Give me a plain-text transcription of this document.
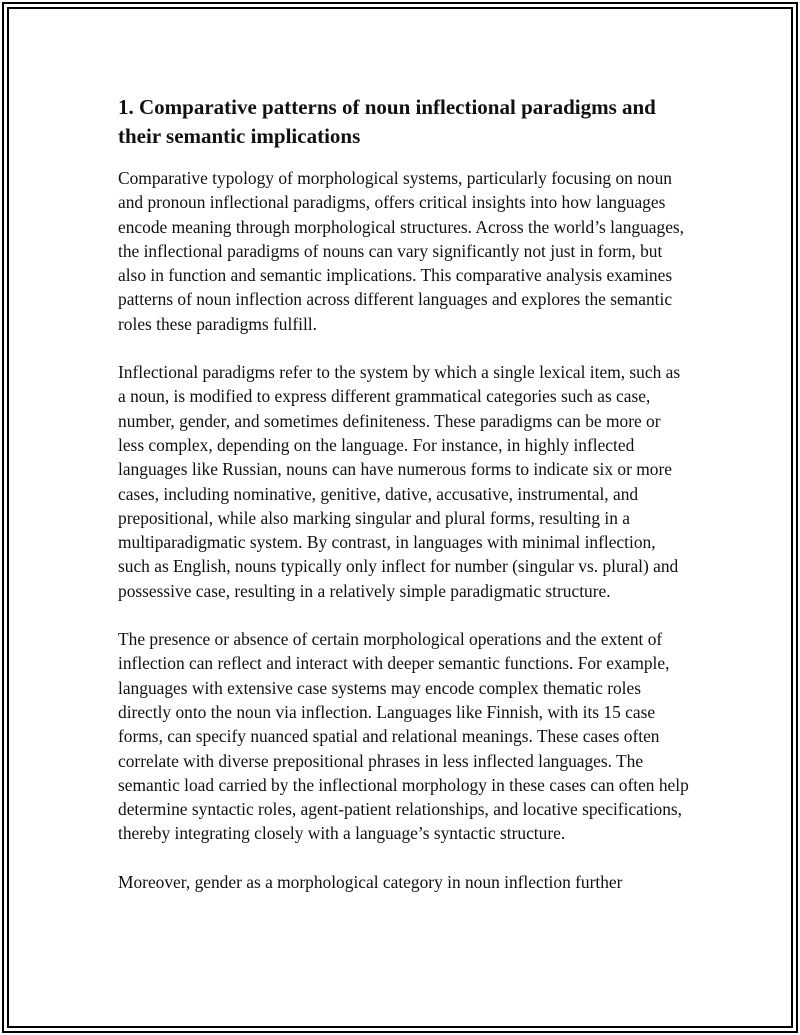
1. Comparative patterns of noun inflectional paradigms and their semantic implications

Comparative typology of morphological systems, particularly focusing on noun and pronoun inflectional paradigms, offers critical insights into how languages encode meaning through morphological structures. Across the world’s languages, the inflectional paradigms of nouns can vary significantly not just in form, but also in function and semantic implications. This comparative analysis examines patterns of noun inflection across different languages and explores the semantic roles these paradigms fulfill.

Inflectional paradigms refer to the system by which a single lexical item, such as a noun, is modified to express different grammatical categories such as case, number, gender, and sometimes definiteness. These paradigms can be more or less complex, depending on the language. For instance, in highly inflected languages like Russian, nouns can have numerous forms to indicate six or more cases, including nominative, genitive, dative, accusative, instrumental, and prepositional, while also marking singular and plural forms, resulting in a multiparadigmatic system. By contrast, in languages with minimal inflection, such as English, nouns typically only inflect for number (singular vs. plural) and possessive case, resulting in a relatively simple paradigmatic structure.

The presence or absence of certain morphological operations and the extent of inflection can reflect and interact with deeper semantic functions. For example, languages with extensive case systems may encode complex thematic roles directly onto the noun via inflection. Languages like Finnish, with its 15 case forms, can specify nuanced spatial and relational meanings. These cases often correlate with diverse prepositional phrases in less inflected languages. The semantic load carried by the inflectional morphology in these cases can often help determine syntactic roles, agent-patient relationships, and locative specifications, thereby integrating closely with a language’s syntactic structure.

Moreover, gender as a morphological category in noun inflection further
